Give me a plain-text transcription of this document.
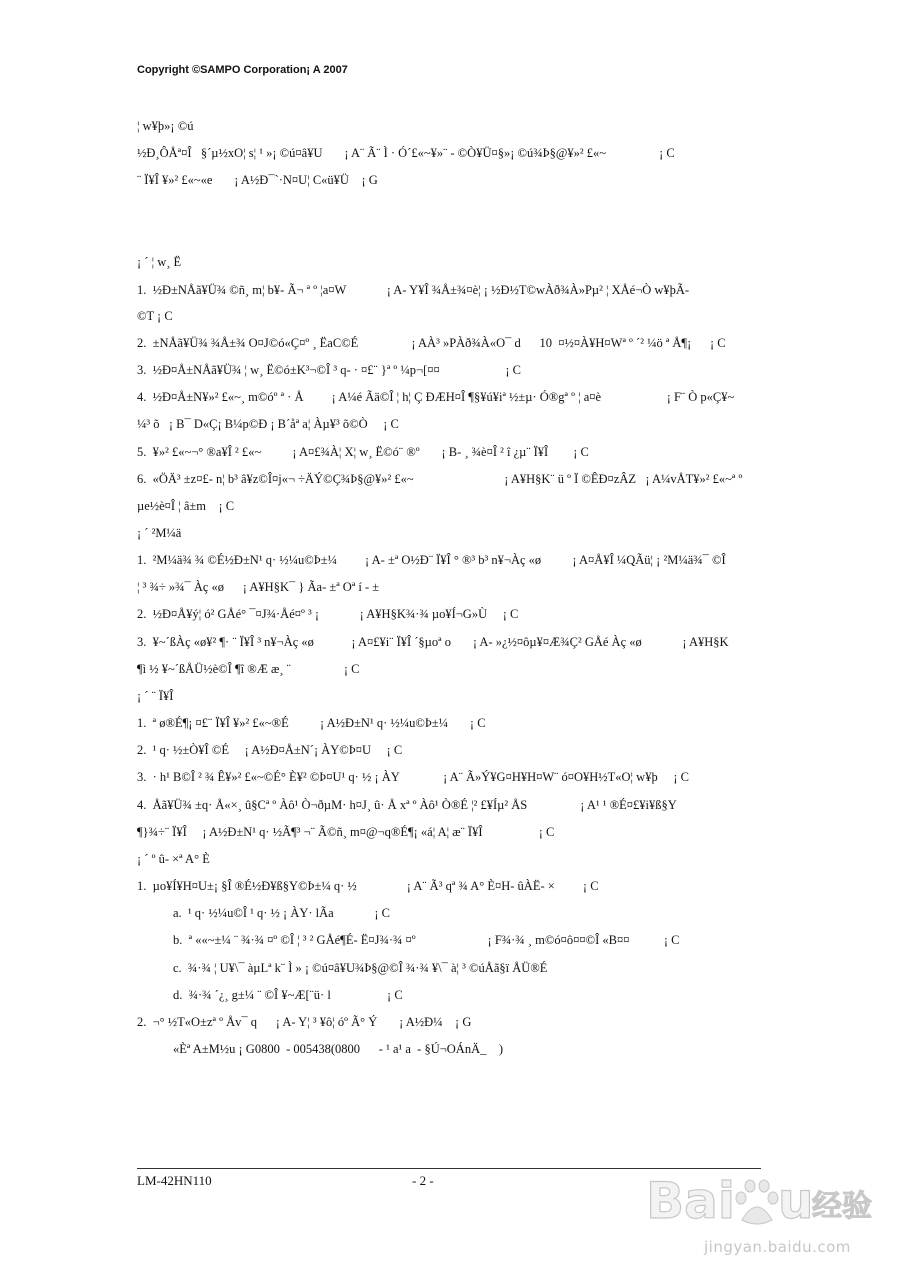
Copyright ©SAMPO Corporation¡ A 2007
¦ w¥þ»¡ ©ú
½Ð¸ÔÅª¤Î   §´µ½xO¦ s¦ ¹ »¡ ©ú¤â¥U       ¡ A¨ Ã¨ Ì · Ó´£«~¥»¨ - ©Ò¥Ü¤§»¡ ©ú¾Þ§@¥»² £«~                 ¡ C
¨ Ï¥Î ¥»² £«~«e       ¡ A½Ð¯`·N¤U¦ C«ü¥Ü    ¡ G
¡ ´ ¦ w¸ Ë
1.  ½Ð±NÅã¥Ü¾ ©ñ¸ m¦ b¥- Ã¬ ª º ¦a¤W             ¡ A- Y¥Î ¾Å±¾¤è¦ ¡ ½Ð½T©wÀð¾À»Pµ² ¦ XÅé¬Ò w¥þÃ-
©T ¡ C
2.  ±NÅã¥Ü¾ ¾Å±¾ O¤J©ó«Ç¤º ¸ ËaC©É                 ¡ AÀ³ »PÀð¾À«O¯ d      10  ¤½¤À¥H¤Wª º ´² ¼ö ª Å¶¡      ¡ C
3.  ½Ð¤Å±NÅã¥Ü¾ ¦ w¸ Ë©ó±K³¬©Î ³ q- · ¤£¨ }ª º ¼p¬[¤¤                     ¡ C
4.  ½Ð¤Å±N¥»² £«~¸ m©óº ª · Å         ¡ A¼é Ãä©Î ¦ h¦ Ç ÐÆH¤Î ¶§¥ú¥iª ½±µ· Ó®gª º ¦ a¤è                     ¡ F¨ Ò p«Ç¥~
¼³ õ   ¡ B¯ D«Ç¡ B¼p©Ð ¡ B´åª a¦ Àµ¥³ õ©Ò     ¡ C
5.  ¥»² £«~¬° ®a¥Î ² £«~          ¡ A¤£¾À¦ X¦ w¸ Ë©ó¨ ®º       ¡ B- ¸ ¾è¤Î ² î ¿µ¨ Ï¥Î        ¡ C
6.  «ÖÄ³ ±z¤£- n¦ b³ â¥z©Î¤j«¬ ÷ÄÝ©Ç¾Þ§@¥»² £«~                             ¡ A¥H§K¨ ü º Ï ©ÊÐ¤zÂZ   ¡ A¼vÅT¥»² £«~ª º
µe½è¤Î ¦ â±m    ¡ C
¡ ´ ²M¼ä
1.  ²M¼ä¾ ¾ ©É½Ð±N¹ q· ½¼u©Þ±¼         ¡ A- ±ª O½Ð¨ Ï¥Î ° ®³ b³ n¥¬Àç «ø          ¡ A¤Å¥Î ¼QÃü¦ ¡ ²M¼ä¾¯ ©Î
¦ ³ ¾÷ »¾¯ Àç «ø      ¡ A¥H§K¯ } Ãa- ±ª Oª í - ±
2.  ½Ð¤Å¥ý¦ ó² GÅé° ¯¤J¾·Åé¤º ³ ¡             ¡ A¥H§K¾·¾ µo¥Í¬G»Ù     ¡ C
3.  ¥~´ßÀç «ø¥² ¶· ¨ Ï¥Î ³ n¥¬Àç «ø            ¡ A¤£¥i¨ Ï¥Î ´§µoª o       ¡ A- »¿½¤ôµ¥¤Æ¾Ç² GÅé Àç «ø             ¡ A¥H§K
¶ì ½ ¥~´ßÅÜ½è©Î ¶î ®Æ æ¸ ¨                 ¡ C
¡ ´ ¨ Ï¥Î
1.  ª ø®É¶¡ ¤£¨ Ï¥Î ¥»² £«~®É          ¡ A½Ð±N¹ q· ½¼u©Þ±¼       ¡ C
2.  ¹ q· ½±Ò¥Î ©É     ¡ A½Ð¤Å±N´¡ ÀY©Þ¤U     ¡ C
3.  · h¹ B©Î ² ¾ Ê¥»² £«~©É° È¥² ©Þ¤U¹ q· ½ ¡ ÀY              ¡ A¨ Ã»Ý¥G¤H¥H¤W¨ ó¤O¥H½T«O¦ w¥þ     ¡ C
4.  Åã¥Ü¾ ±q· Å«×¸ û§Cª º Àô¹ Ò¬ðµM· h¤J¸ û· Å xª º Àô¹ Ò®É ¦² £¥Íµ² ÅS                 ¡ A¹ ¹ ®É¤£¥i¥ß§Y
¶}¾÷¨ Ï¥Î     ¡ A½Ð±N¹ q· ½Ã¶³ ¬¨ Ã©ñ¸ m¤@¬q®É¶¡ «á¦ A¦ æ¨ Ï¥Î                  ¡ C
¡ ´ º û- ×ª A° È
1.  µo¥Í¥H¤U±¡ §Î ®É½Ð¥ß§Y©Þ±¼ q· ½                ¡ A¨ Ã³ qª ¾ A° È¤H- ûÀË- ×         ¡ C
a.  ¹ q· ½¼u©Î ¹ q· ½ ¡ ÀY· lÃa             ¡ C
b.  ª ««~±¼ ¨ ¾·¾ ¤º ©Î ¦ ³ ² GÅé¶É- Ë¤J¾·¾ ¤º                       ¡ F¾·¾ ¸ m©ó¤ô¤¤©Î «B¤¤           ¡ C
c.  ¾·¾ ¦ U¥\¯ àµLª k¨ Ì » ¡ ©ú¤â¥U¾Þ§@©Î ¾·¾ ¥\¯ à¦ ³ ©úÅã§ï ÅÜ®É
d.  ¾·¾ ´¿¸ g±¼ ¨ ©Î ¥~Æ[¨ü· l                  ¡ C
2.  ¬° ½T«O±zª º Åv¯ q      ¡ A- Y¦ ³ ¥ô¦ óº Ã° Ý       ¡ A½Ð¼    ¡ G
«Èª A±M½u ¡ G0800  - 005438(0800      - ¹ a¹ a  - §Ú¬OÁnÄ_    )
LM-42HN110	- 2 -	Bai u
经验
jingyan.baidu.com
